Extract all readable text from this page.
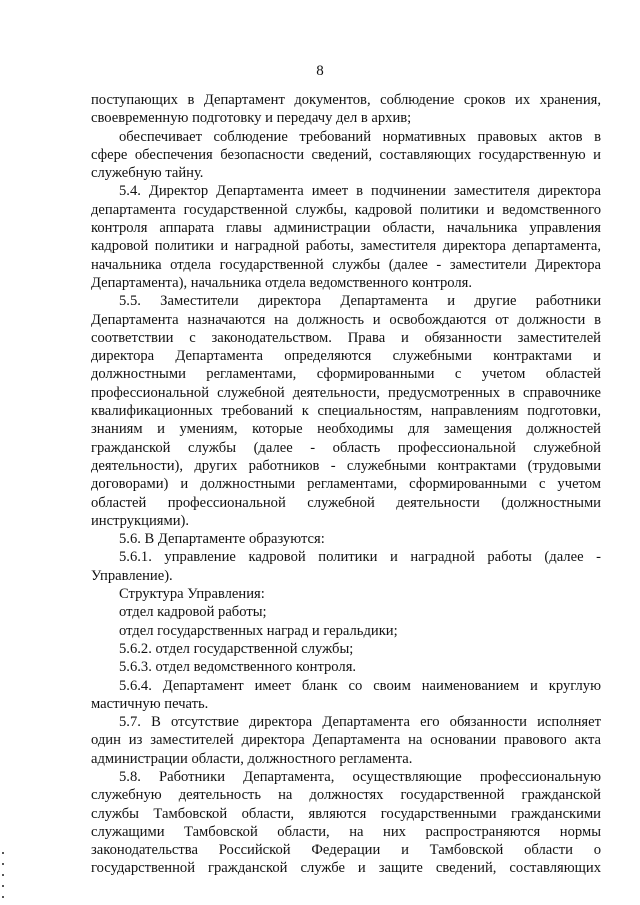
8
поступающих в Департамент документов, соблюдение сроков их хранения,
своевременную подготовку и передачу дел в архив;
обеспечивает соблюдение требований нормативных правовых актов в
сфере обеспечения безопасности сведений, составляющих государственную и
служебную тайну.
5.4. Директор Департамента имеет в подчинении заместителя директора
департамента государственной службы, кадровой политики и ведомственного
контроля аппарата главы администрации области, начальника управления
кадровой политики и наградной работы, заместителя директора департамента,
начальника отдела государственной службы (далее - заместители Директора
Департамента), начальника отдела ведомственного контроля.
5.5. Заместители директора Департамента и другие работники
Департамента назначаются на должность и освобождаются от должности в
соответствии с законодательством. Права и обязанности заместителей
директора Департамента определяются служебными контрактами и
должностными регламентами, сформированными с учетом областей
профессиональной служебной деятельности, предусмотренных в справочнике
квалификационных требований к специальностям, направлениям подготовки,
знаниям и умениям, которые необходимы для замещения должностей
гражданской службы (далее - область профессиональной служебной
деятельности), других работников - служебными контрактами (трудовыми
договорами) и должностными регламентами, сформированными с учетом
областей профессиональной служебной деятельности (должностными
инструкциями).
5.6. В Департаменте образуются:
5.6.1. управление кадровой политики и наградной работы (далее -
Управление).
Структура Управления:
отдел кадровой работы;
отдел государственных наград и геральдики;
5.6.2. отдел государственной службы;
5.6.3. отдел ведомственного контроля.
5.6.4. Департамент имеет бланк со своим наименованием и круглую
мастичную печать.
5.7. В отсутствие директора Департамента его обязанности исполняет
один из заместителей директора Департамента на основании правового акта
администрации области, должностного регламента.
5.8. Работники Департамента, осуществляющие профессиональную
служебную деятельность на должностях государственной гражданской
службы Тамбовской области, являются государственными гражданскими
служащими Тамбовской области, на них распространяются нормы
законодательства Российской Федерации и Тамбовской области о
государственной гражданской службе и защите сведений, составляющих
